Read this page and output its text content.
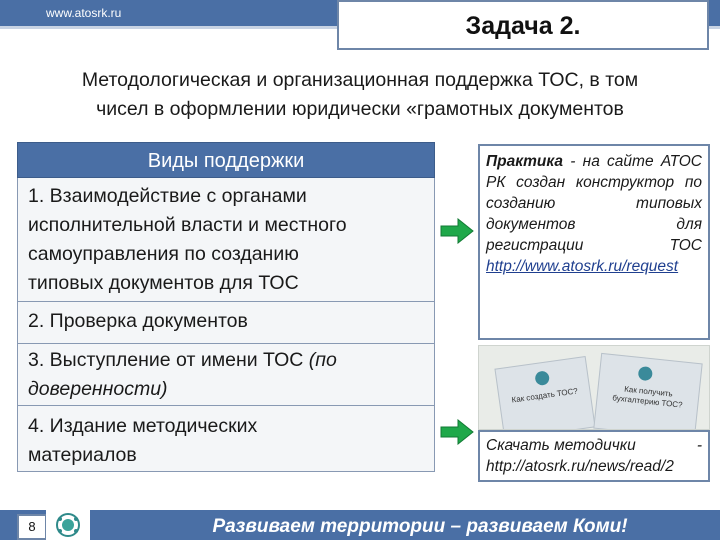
www.atosrk.ru	Задача 2.
Методологическая и организационная поддержка ТОС, в том
чисел в оформлении юридически «грамотных документов
Виды поддержки
1. Взаимодействие с органами
исполнительной власти и местного
самоуправления по созданию
типовых документов для ТОС
2. Проверка документов
3. Выступление от имени ТОС (по
доверенности)
4. Издание методических
материалов
Практика - на сайте АТОС РК создан конструктор по созданию типовых документов для регистрации ТОС http://www.atosrk.ru/request
Как создать ТОС?	Как получить бухгалтерию ТОС?
Скачать методички	-
http://atosrk.ru/news/read/2
8	Развиваем территории – развиваем Коми!
